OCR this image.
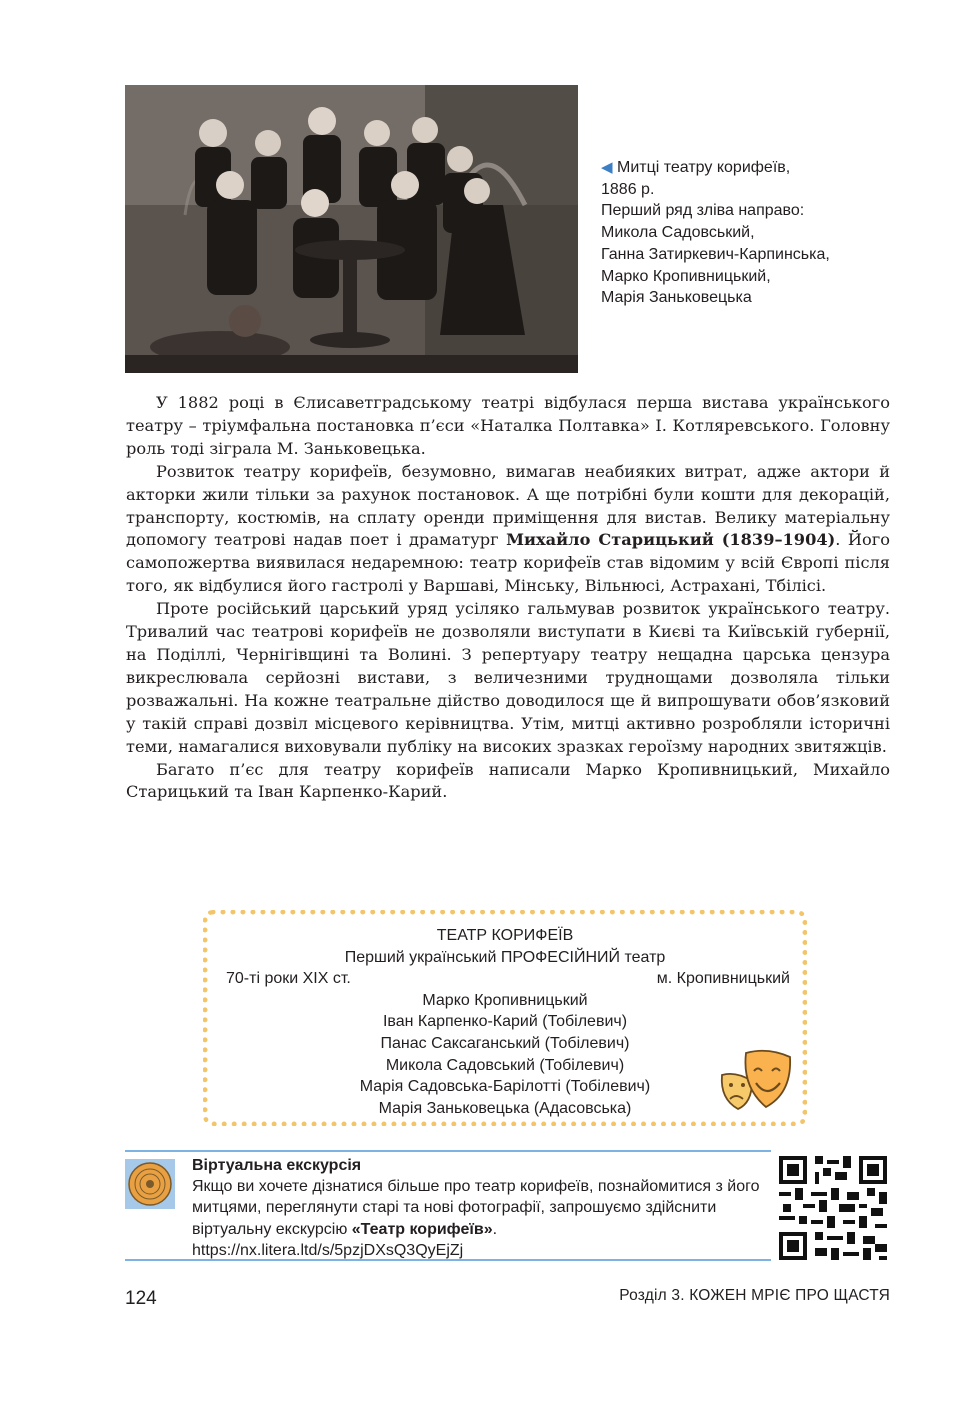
◀ Митці театру корифеїв,
1886 р.
Перший ряд зліва направо:
Микола Садовський,
Ганна Затиркевич-Карпинська,
Марко Кропивницький,
Марія Заньковецька

У 1882 році в Єлисаветградському театрі відбулася перша вистава українського театру – тріумфальна постановка п’єси «Наталка Полтавка» І. Котляревського. Головну роль тоді зіграла М. Заньковецька.

Розвиток театру корифеїв, безумовно, вимагав неабияких витрат, адже актори й акторки жили тільки за рахунок постановок. А ще потрібні були кошти для декорацій, транспорту, костюмів, на сплату оренди приміщення для вистав. Велику матеріальну допомогу театрові надав поет і драматург Михайло Старицький (1839–1904). Його самопожертва виявилася недаремною: театр корифеїв став відомим у всій Європі після того, як відбулися його гастролі у Варшаві, Мінську, Вільнюсі, Астрахані, Тбілісі.

Проте російський царський уряд усіляко гальмував розвиток українського театру. Тривалий час театрові корифеїв не дозволяли виступати в Києві та Київській губернії, на Поділлі, Чернігівщині та Волині. З репертуару театру нещадна царська цензура викреслювала серйозні вистави, з величезними труднощами дозволяла тільки розважальні. На кожне театральне дійство доводилося ще й випрошувати обов’язковий у такій справі дозвіл місцевого керівництва. Утім, митці активно розробляли історичні теми, намагалися виховували публіку на високих зразках героїзму народних звитяжців.

Багато п’єс для театру корифеїв написали Марко Кропивницький, Михайло Старицький та Іван Карпенко-Карий.

ТЕАТР КОРИФЕЇВ
Перший український ПРОФЕСІЙНИЙ театр
70-ті роки XIX ст.	м. Кропивницький
Марко Кропивницький
Іван Карпенко-Карий (Тобілевич)
Панас Саксаганський (Тобілевич)
Микола Садовський (Тобілевич)
Марія Садовська-Барілотті (Тобілевич)
Марія Заньковецька (Адасовська)
Віртуальна екскурсія
Якщо ви хочете дізнатися більше про театр корифеїв, познайомитися з його митцями, переглянути старі та нові фотографії, запрошуємо здійснити віртуальну екскурсію «Театр корифеїв».
https://nx.litera.ltd/s/5pzjDXsQ3QyEjZj
124	Розділ 3. КОЖЕН МРІЄ ПРО ЩАСТЯ
